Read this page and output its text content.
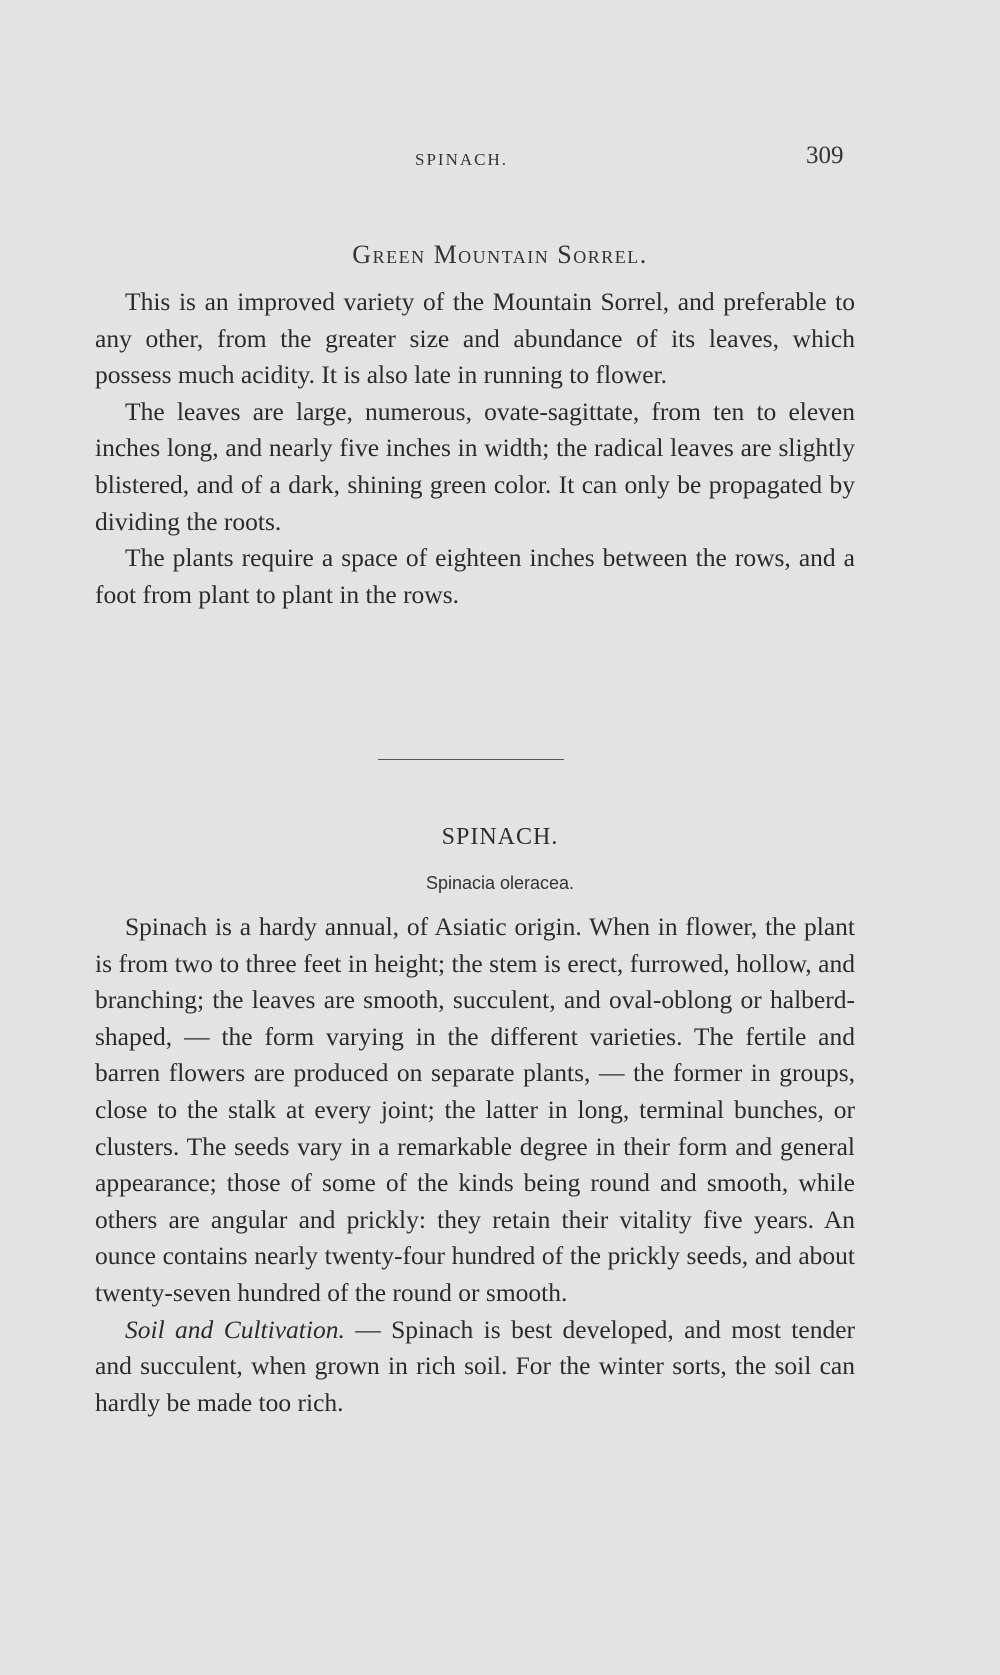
SPINACH.	309
Green Mountain Sorrel.

This is an improved variety of the Mountain Sorrel, and preferable to any other, from the greater size and abundance of its leaves, which possess much acidity. It is also late in running to flower.

The leaves are large, numerous, ovate-sagittate, from ten to eleven inches long, and nearly five inches in width; the radical leaves are slightly blistered, and of a dark, shining green color. It can only be propagated by dividing the roots.

The plants require a space of eighteen inches between the rows, and a foot from plant to plant in the rows.

SPINACH.
Spinacia oleracea.

Spinach is a hardy annual, of Asiatic origin. When in flower, the plant is from two to three feet in height; the stem is erect, furrowed, hollow, and branching; the leaves are smooth, succulent, and oval-oblong or halberd-shaped, — the form varying in the different varieties. The fertile and barren flowers are produced on separate plants, — the former in groups, close to the stalk at every joint; the latter in long, terminal bunches, or clusters. The seeds vary in a remarkable degree in their form and general appearance; those of some of the kinds being round and smooth, while others are angular and prickly: they retain their vitality five years. An ounce contains nearly twenty-four hundred of the prickly seeds, and about twenty-seven hundred of the round or smooth.

Soil and Cultivation. — Spinach is best developed, and most tender and succulent, when grown in rich soil. For the winter sorts, the soil can hardly be made too rich.
